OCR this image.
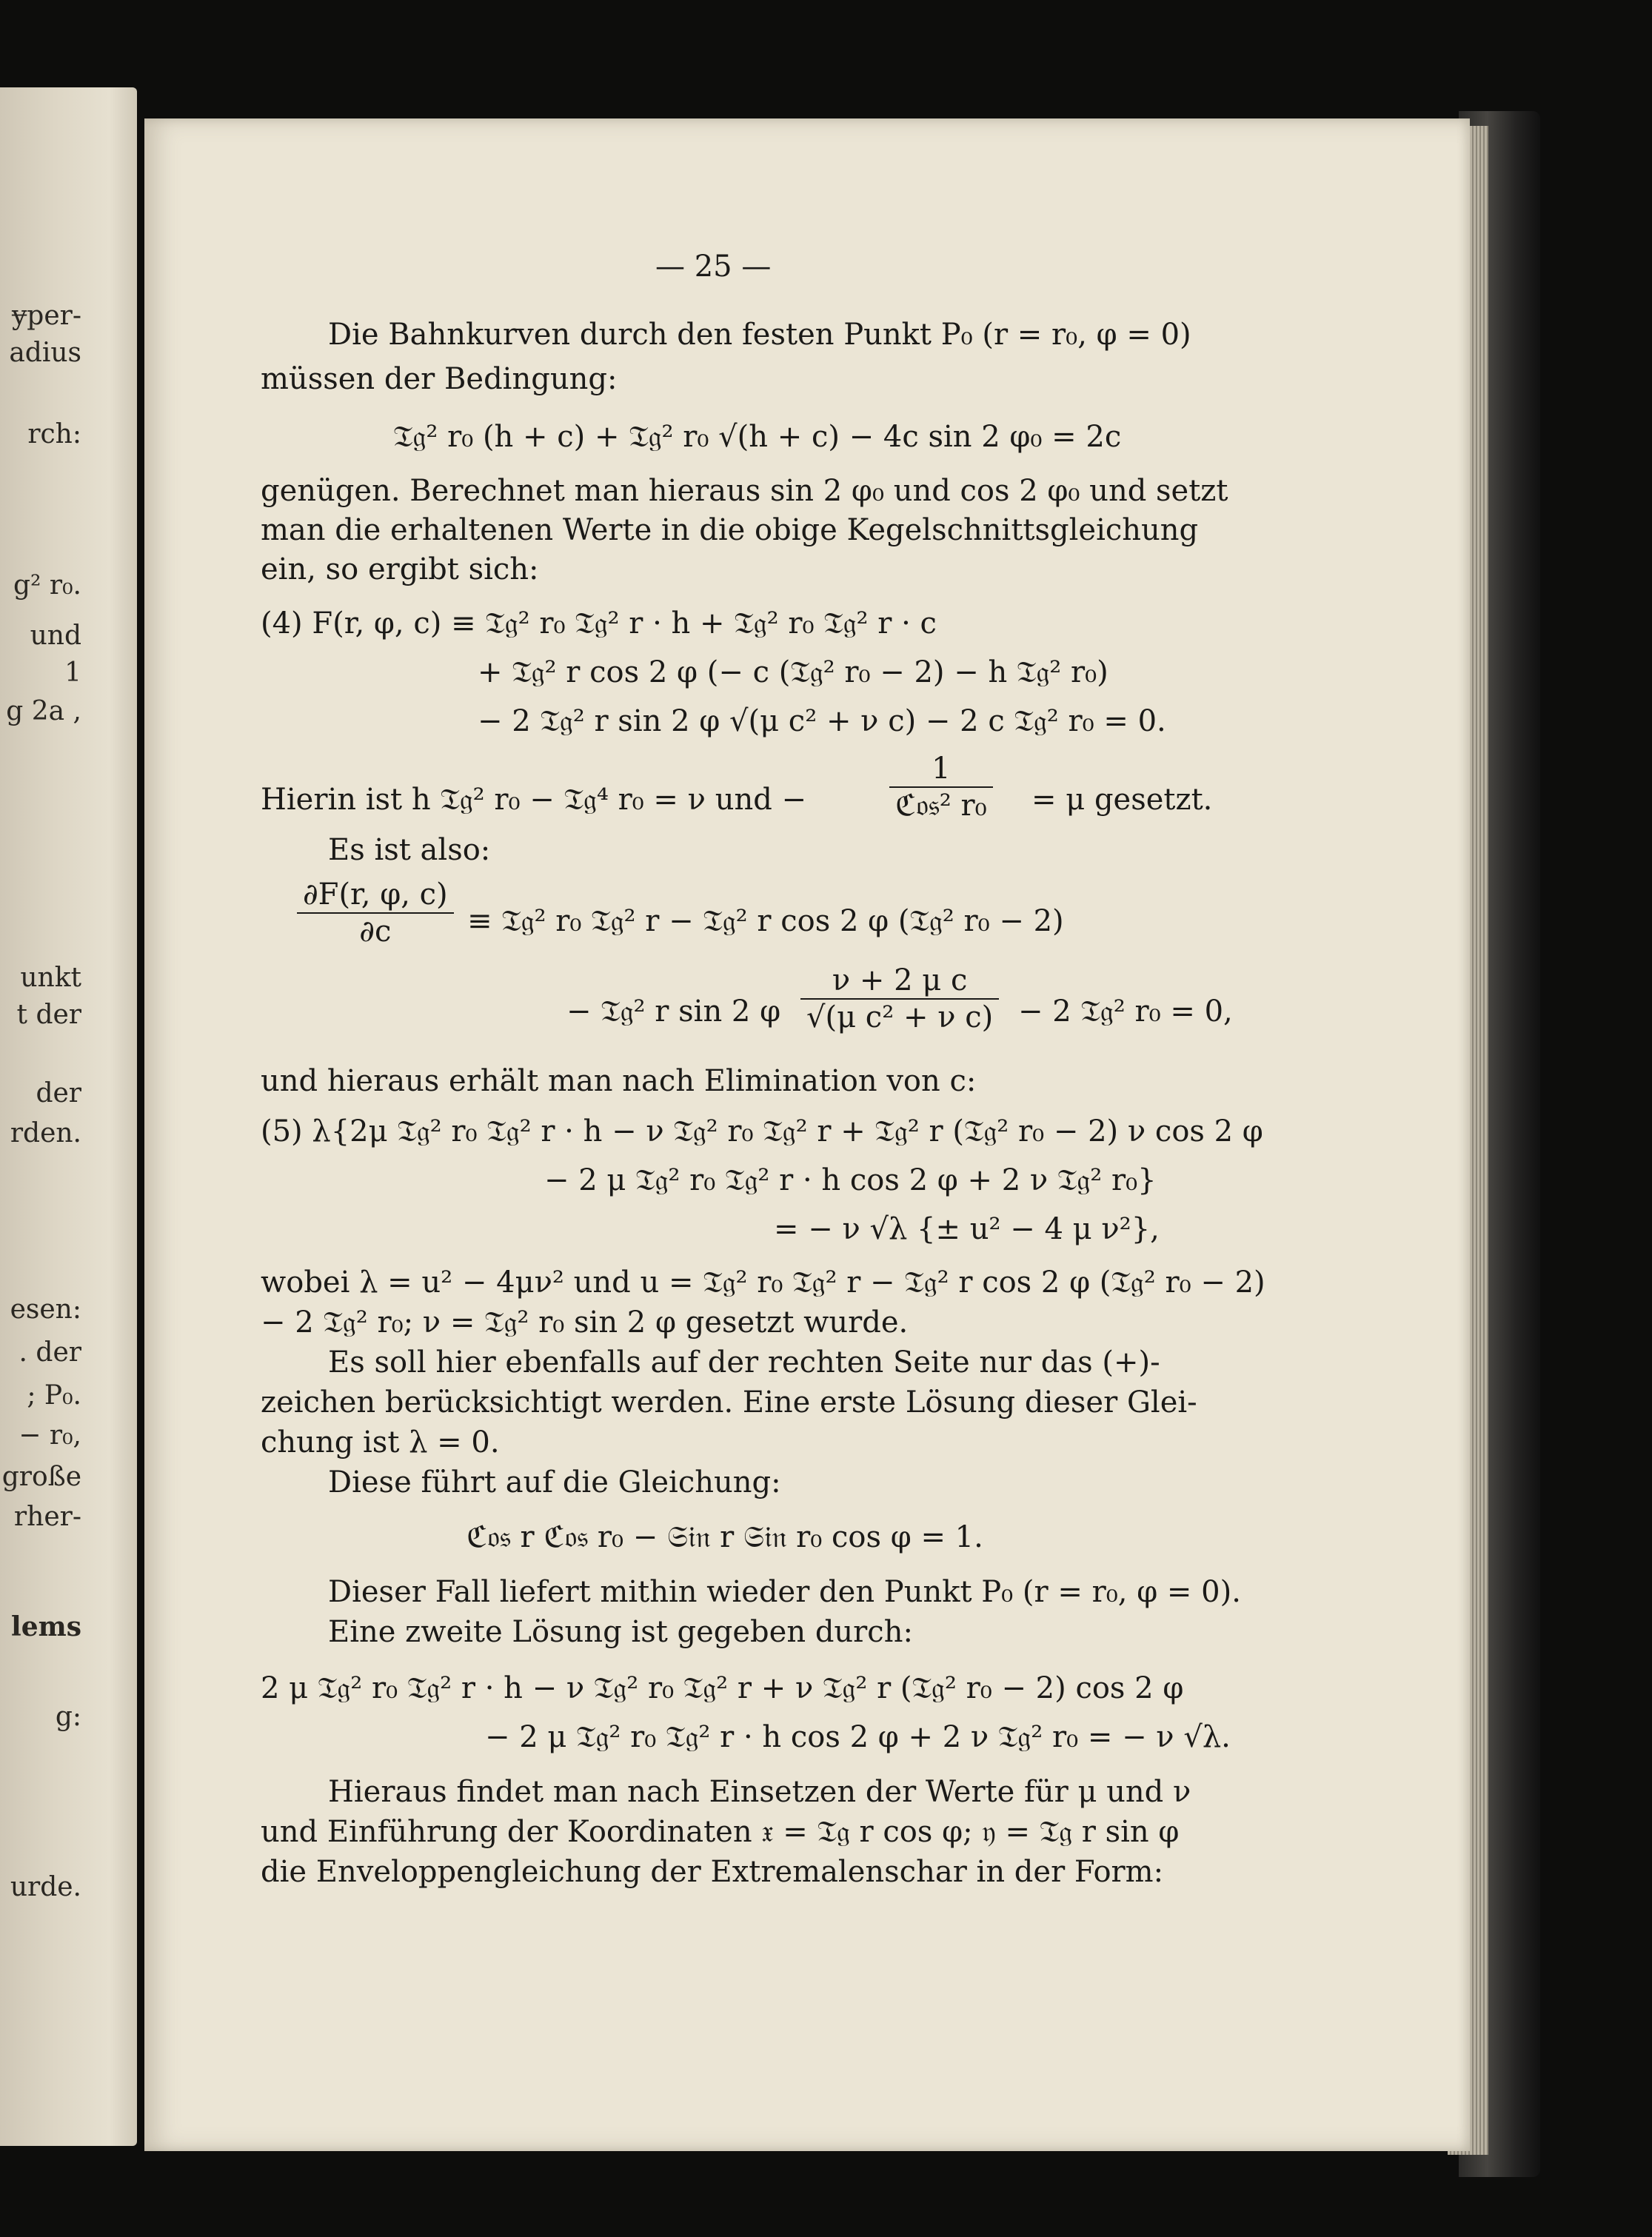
ɏper-
adius
rch:
g² r₀.
und
1
g 2a ,
unkt
t der
der
rden.
esen:
. der
; P₀.
− r₀,
große
rher-
lems
g:
urde.
— 25 —
Die Bahnkurven durch den festen Punkt P₀ (r = r₀, φ = 0)
müssen der Bedingung:
𝔗𝔤² r₀ (h + c) + 𝔗𝔤² r₀ √(h + c) − 4c sin 2 φ₀ = 2c
genügen. Berechnet man hieraus sin 2 φ₀ und cos 2 φ₀ und setzt
man die erhaltenen Werte in die obige Kegelschnittsgleichung
ein, so ergibt sich:
(4) F(r, φ, c) ≡ 𝔗𝔤² r₀ 𝔗𝔤² r · h + 𝔗𝔤² r₀ 𝔗𝔤² r · c
+ 𝔗𝔤² r cos 2 φ (− c (𝔗𝔤² r₀ − 2) − h 𝔗𝔤² r₀)
− 2 𝔗𝔤² r sin 2 φ √(μ c² + ν c) − 2 c 𝔗𝔤² r₀ = 0.
Hierin ist h 𝔗𝔤² r₀ − 𝔗𝔤⁴ r₀ = ν und −	$\frac{1}{\text{ℭ𝔬𝔰² r₀}} = \mu$ gesetzt.
Es ist also:
$\frac{\partial F(r, \varphi, c)}{\partial c}$ ≡ 𝔗𝔤² r₀ 𝔗𝔤² r − 𝔗𝔤² r cos 2 φ (𝔗𝔤² r₀ − 2)
− 𝔗𝔤² r sin 2 φ $\frac{\text{ν + 2 μ c}}{\text{√(μ c² + ν c)}} - 2$ 𝔗𝔤² r₀ = 0,
und hieraus erhält man nach Elimination von c:
(5) λ{2μ 𝔗𝔤² r₀ 𝔗𝔤² r · h − ν 𝔗𝔤² r₀ 𝔗𝔤² r + 𝔗𝔤² r (𝔗𝔤² r₀ − 2) ν cos 2 φ
− 2 μ 𝔗𝔤² r₀ 𝔗𝔤² r · h cos 2 φ + 2 ν 𝔗𝔤² r₀}
= − ν √λ {± u² − 4 μ ν²},
wobei λ = u² − 4μν² und u = 𝔗𝔤² r₀ 𝔗𝔤² r − 𝔗𝔤² r cos 2 φ (𝔗𝔤² r₀ − 2)
− 2 𝔗𝔤² r₀; ν = 𝔗𝔤² r₀ sin 2 φ gesetzt wurde.
Es soll hier ebenfalls auf der rechten Seite nur das (+)-
zeichen berücksichtigt werden. Eine erste Lösung dieser Glei-
chung ist λ = 0.
Diese führt auf die Gleichung:
ℭ𝔬𝔰 r ℭ𝔬𝔰 r₀ − 𝔖𝔦𝔫 r 𝔖𝔦𝔫 r₀ cos φ = 1.
Dieser Fall liefert mithin wieder den Punkt P₀ (r = r₀, φ = 0).
Eine zweite Lösung ist gegeben durch:
2 μ 𝔗𝔤² r₀ 𝔗𝔤² r · h − ν 𝔗𝔤² r₀ 𝔗𝔤² r + ν 𝔗𝔤² r (𝔗𝔤² r₀ − 2) cos 2 φ
− 2 μ 𝔗𝔤² r₀ 𝔗𝔤² r · h cos 2 φ + 2 ν 𝔗𝔤² r₀ = − ν √λ.
Hieraus findet man nach Einsetzen der Werte für μ und ν
und Einführung der Koordinaten 𝔵 = 𝔗𝔤 r cos φ; 𝔶 = 𝔗𝔤 r sin φ
die Enveloppengleichung der Extremalenschar in der Form:
